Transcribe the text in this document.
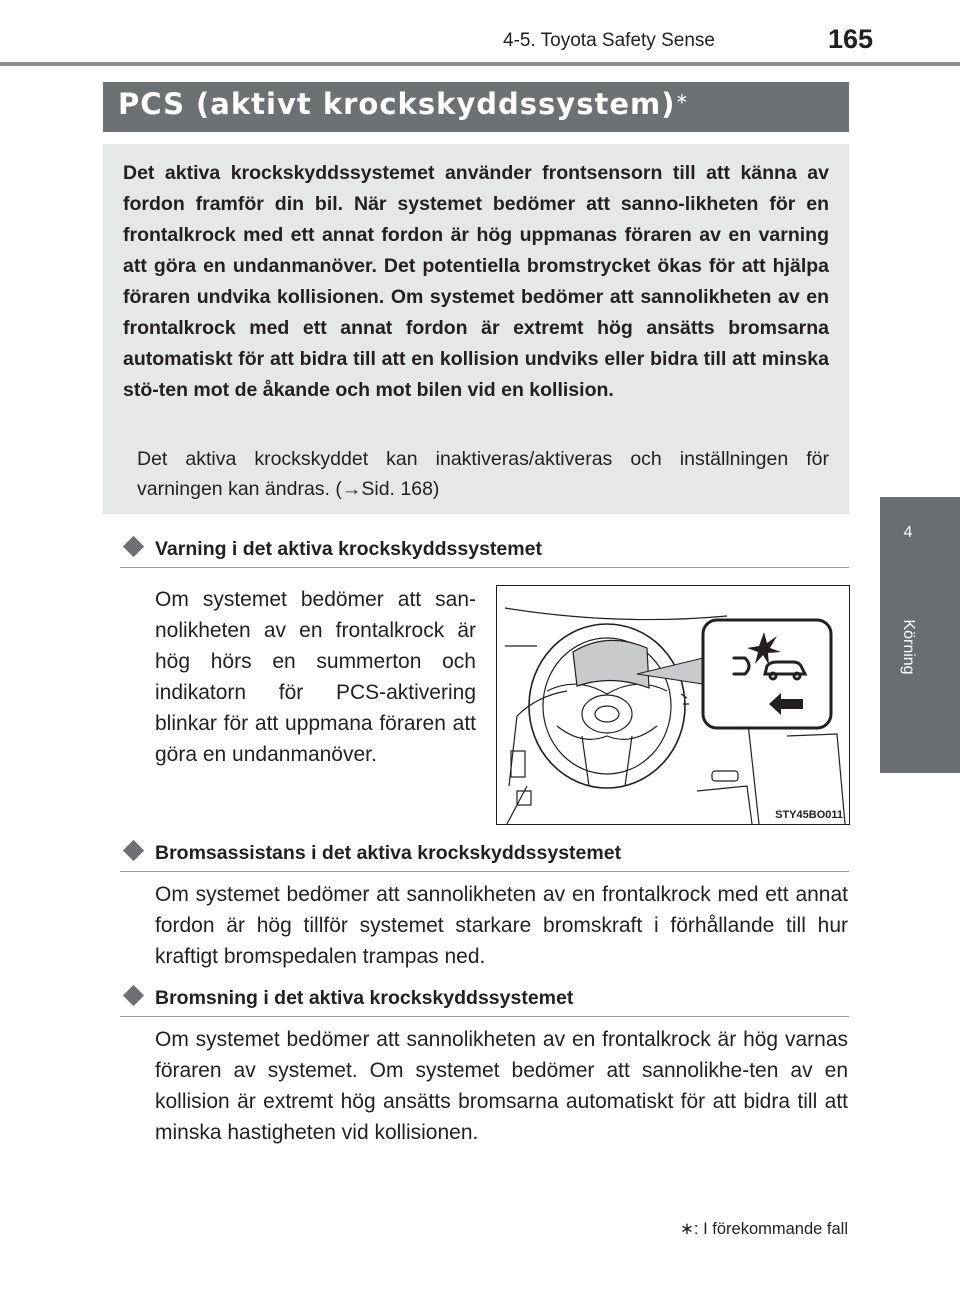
4-5. Toyota Safety Sense	165
4
Körning
PCS (aktivt krockskyddssystem)∗
Det aktiva krockskyddssystemet använder frontsensorn till att känna av fordon framför din bil. När systemet bedömer att sanno-likheten för en frontalkrock med ett annat fordon är hög uppmanas föraren av en varning att göra en undanmanöver. Det potentiella bromstrycket ökas för att hjälpa föraren undvika kollisionen. Om systemet bedömer att sannolikheten av en frontalkrock med ett annat fordon är extremt hög ansätts bromsarna automatiskt för att bidra till att en kollision undviks eller bidra till att minska stö-ten mot de åkande och mot bilen vid en kollision.
Det aktiva krockskyddet kan inaktiveras/aktiveras och inställningen för varningen kan ändras. (→Sid. 168)
Varning i det aktiva krockskyddssystemet
Om systemet bedömer att san-nolikheten av en frontalkrock är hög hörs en summerton och indikatorn för PCS-aktivering blinkar för att uppmana föraren att göra en undanmanöver.
STY45BO011
Bromsassistans i det aktiva krockskyddssystemet
Om systemet bedömer att sannolikheten av en frontalkrock med ett annat fordon är hög tillför systemet starkare bromskraft i förhållande till hur kraftigt bromspedalen trampas ned.
Bromsning i det aktiva krockskyddssystemet
Om systemet bedömer att sannolikheten av en frontalkrock är hög varnas föraren av systemet. Om systemet bedömer att sannolikhe-ten av en kollision är extremt hög ansätts bromsarna automatiskt för att bidra till att minska hastigheten vid kollisionen.
∗: I förekommande fall
